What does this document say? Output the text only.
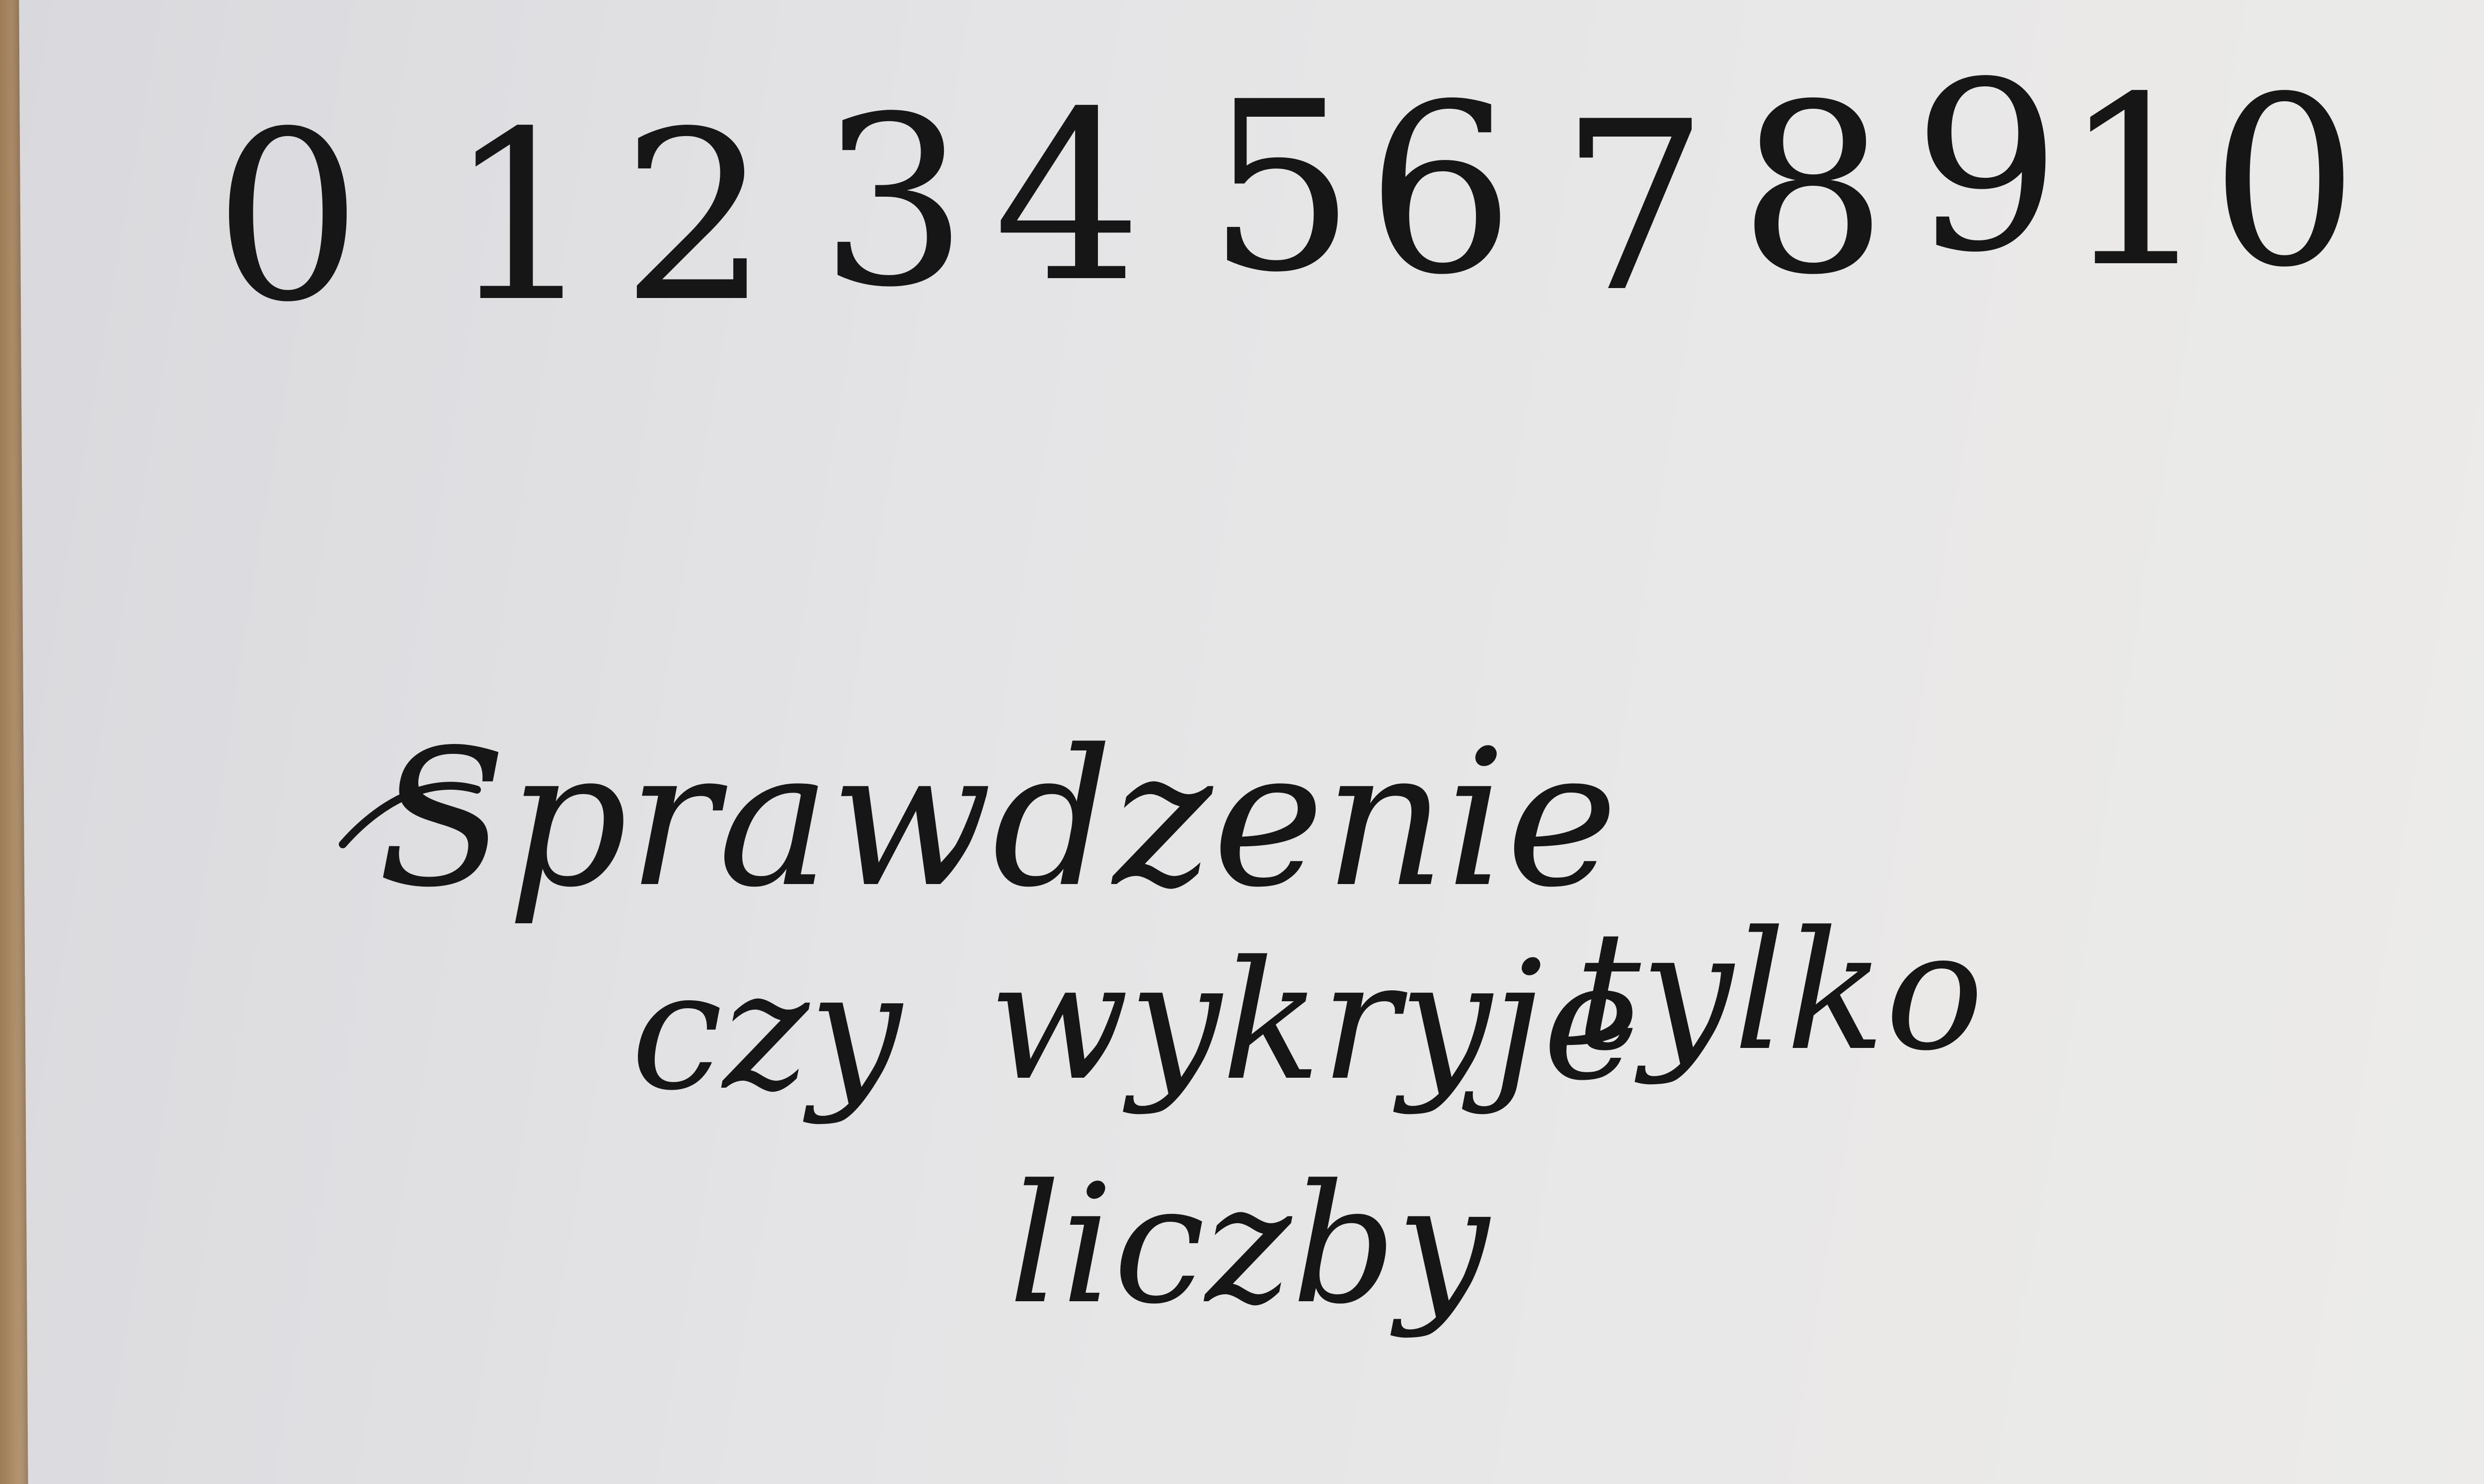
0 1 2 3 4 5 6 7 8 9 10
Sprawdzenie
czy wykryje
tylko
liczby
